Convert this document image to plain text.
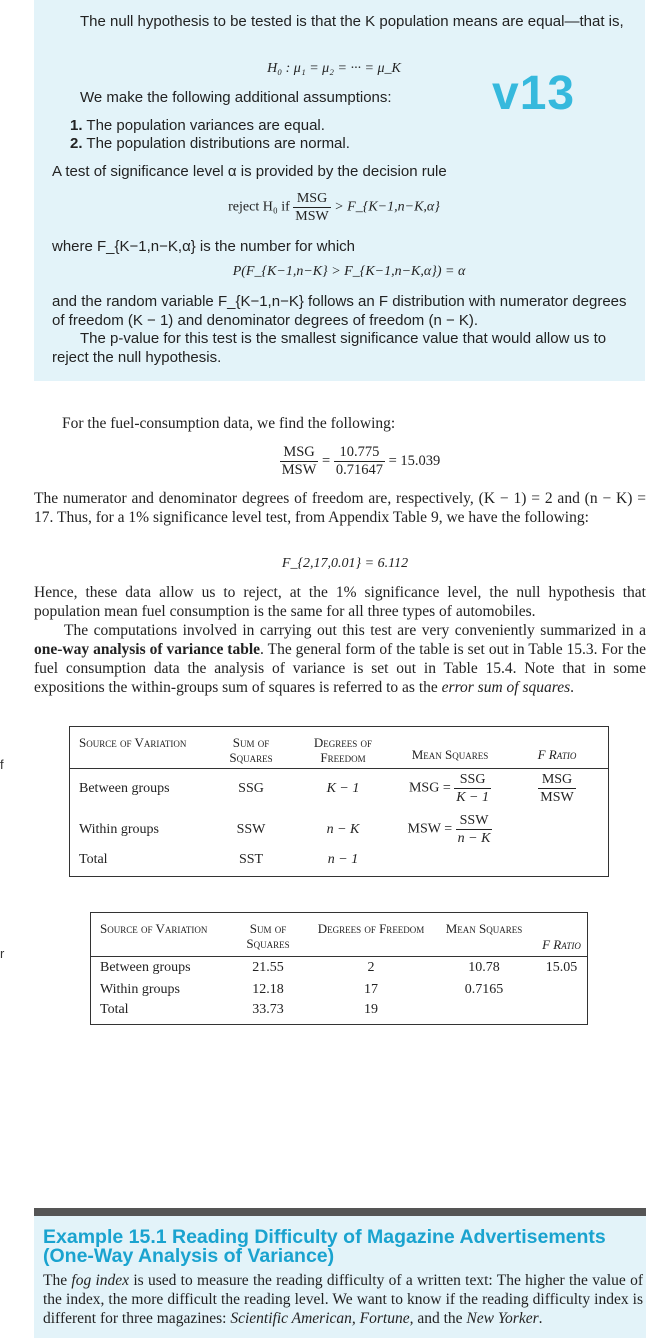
The null hypothesis to be tested is that the K population means are equal—that is,
H₀ : μ₁ = μ₂ = ··· = μ_K	v13
We make the following additional assumptions:
1. The population variances are equal.
2. The population distributions are normal.
A test of significance level α is provided by the decision rule
reject H₀ if $\frac{\text{MSG}}{\text{MSW}}$ > F_{K−1,n−K,α}
where F_{K−1,n−K,α} is the number for which
P(F_{K−1,n−K} > F_{K−1,n−K,α}) = α
and the random variable F_{K−1,n−K} follows an F distribution with numerator degrees of freedom (K − 1) and denominator degrees of freedom (n − K).
The p-value for this test is the smallest significance value that would allow us to reject the null hypothesis.
For the fuel-consumption data, we find the following:
$\frac{\text{MSG}}{\text{MSW}} = \frac{10.775}{0.71647} = 15.039$
The numerator and denominator degrees of freedom are, respectively, (K − 1) = 2 and (n − K) = 17. Thus, for a 1% significance level test, from Appendix Table 9, we have the following:
F_{2,17,0.01} = 6.112
Hence, these data allow us to reject, at the 1% significance level, the null hypothesis that population mean fuel consumption is the same for all three types of automobiles.
The computations involved in carrying out this test are very conveniently summarized in a one-way analysis of variance table. The general form of the table is set out in Table 15.3. For the fuel consumption data the analysis of variance is set out in Table 15.4. Note that in some expositions the within-groups sum of squares is referred to as the error sum of squares.
f
r
Source of Variation	Sum of Squares	Degrees of Freedom	Mean Squares	F Ratio
Between groups	SSG	K − 1	MSG = $\frac{\text{SSG}}{K - 1}$	$\frac{\text{MSG}}{\text{MSW}}$

Within groups	SSW	n − K	MSW = $\frac{\text{SSW}}{n - K}$

Total	SST	n − 1		
Source of Variation	Sum of Squares	Degrees of Freedom	Mean Squares	F Ratio
Between groups	21.55	2	10.78	15.05
Within groups	12.18	17	0.7165	
Total	33.73	19		
Example 15.1 Reading Difficulty of Magazine Advertisements (One-Way Analysis of Variance)
The fog index is used to measure the reading difficulty of a written text: The higher the value of the index, the more difficult the reading level. We want to know if the reading difficulty index is different for three magazines: Scientific American, Fortune, and the New Yorker.
